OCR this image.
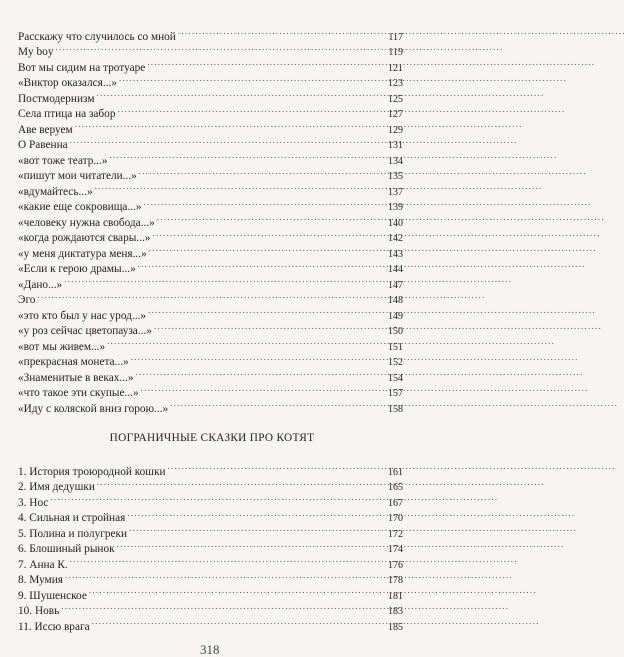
Расскажу что случилось со мной . . .	117
My boy . . .	119
Вот мы сидим на тротуаре . . .	121
«Виктор оказался...» . . .	123
Постмодернизм . . .	125
Села птица на забор . . .	127
Аве веруем . . .	129
О Равенна . . .	131
«вот тоже театр...» . . .	134
«пишут мои читатели...» . . .	135
«вдумайтесь...» . . .	137
«какие еще сокровища...» . . .	139
«человеку нужна свобода...» . . .	140
«когда рождаются свары...» . . .	142
«у меня диктатура меня...» . . .	143
«Если к герою драмы...» . . .	144
«Дано...» . . .	147
Эго . . .	148
«это кто был у нас урод...» . . .	149
«у роз сейчас цветопауза...» . . .	150
«вот мы живем...» . . .	151
«прекрасная монета...» . . .	152
«Знаменитые в веках...» . . .	154
«что такое эти скупые...» . . .	157
«Иду с коляской вниз горою...» . . .	158
ПОГРАНИЧНЫЕ СКАЗКИ ПРО КОТЯТ
1. История троюродной кошки . . .	161
2. Имя дедушки . . .	165
3. Нос . . .	167
4. Сильная и стройная . . .	170
5. Полина и полугреки . . .	172
6. Блошиный рынок . . .	174
7. Анна К. . . .	176
8. Мумия . . .	178
9. Шушенское . . .	181
10. Новь . . .	183
11. Иссю врага . . .	185
318
